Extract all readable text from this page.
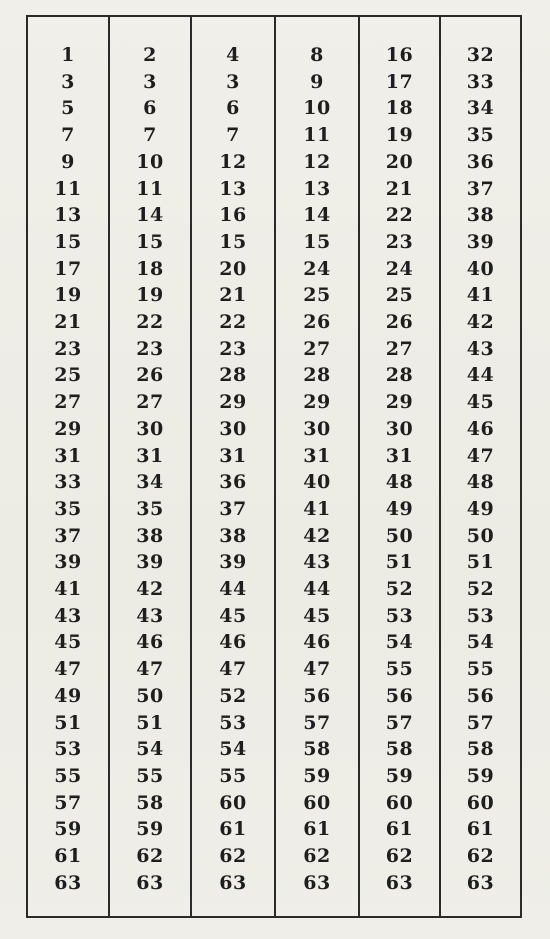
1
3
5
7
9
11
13
15
17
19
21
23
25
27
29
31
33
35
37
39
41
43
45
47
49
51
53
55
57
59
61
63
2
3
6
7
10
11
14
15
18
19
22
23
26
27
30
31
34
35
38
39
42
43
46
47
50
51
54
55
58
59
62
63
4
3
6
7
12
13
16
15
20
21
22
23
28
29
30
31
36
37
38
39
44
45
46
47
52
53
54
55
60
61
62
63
8
9
10
11
12
13
14
15
24
25
26
27
28
29
30
31
40
41
42
43
44
45
46
47
56
57
58
59
60
61
62
63
16
17
18
19
20
21
22
23
24
25
26
27
28
29
30
31
48
49
50
51
52
53
54
55
56
57
58
59
60
61
62
63
32
33
34
35
36
37
38
39
40
41
42
43
44
45
46
47
48
49
50
51
52
53
54
55
56
57
58
59
60
61
62
63
